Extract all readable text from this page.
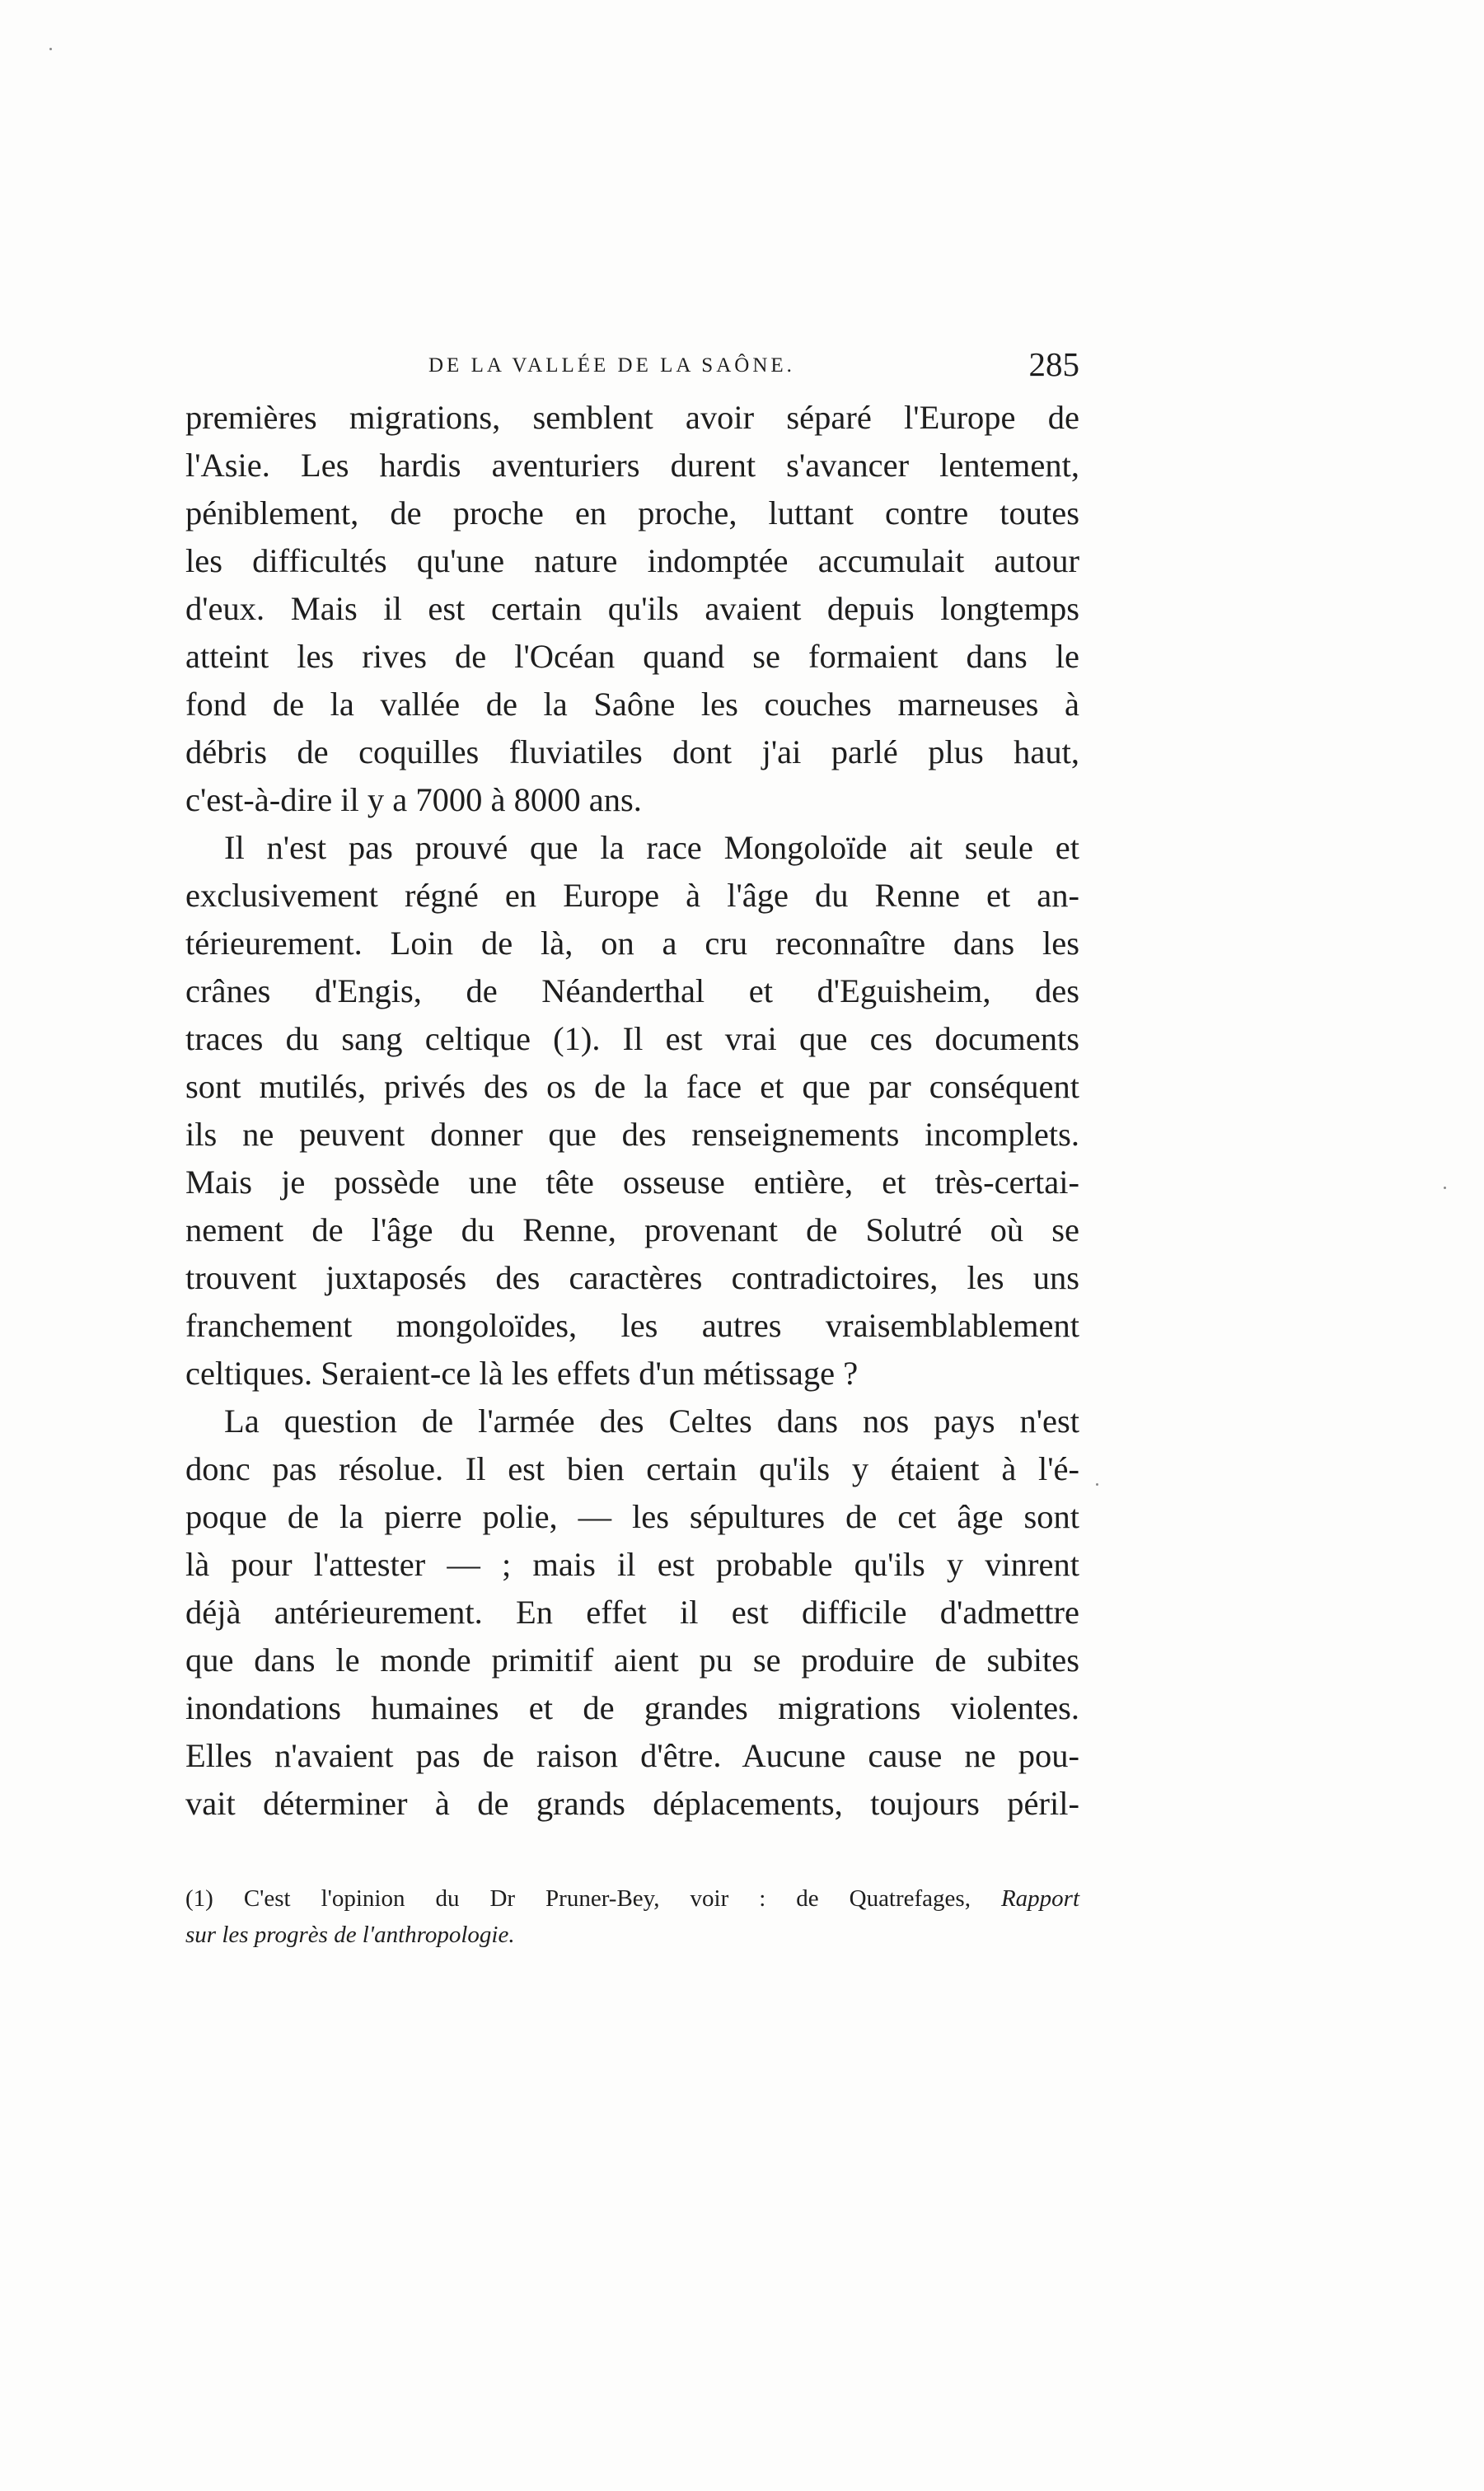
DE LA VALLÉE DE LA SAÔNE.	285

premières migrations, semblent avoir séparé l'Europe de

l'Asie. Les hardis aventuriers durent s'avancer lentement,

péniblement, de proche en proche, luttant contre toutes

les difficultés qu'une nature indomptée accumulait autour

d'eux. Mais il est certain qu'ils avaient depuis longtemps

atteint les rives de l'Océan quand se formaient dans le

fond de la vallée de la Saône les couches marneuses à

débris de coquilles fluviatiles dont j'ai parlé plus haut,

c'est-à-dire il y a 7000 à 8000 ans.

Il n'est pas prouvé que la race Mongoloïde ait seule et

exclusivement régné en Europe à l'âge du Renne et an-

térieurement. Loin de là, on a cru reconnaître dans les

crânes d'Engis, de Néanderthal et d'Eguisheim, des

traces du sang celtique (1). Il est vrai que ces documents

sont mutilés, privés des os de la face et que par conséquent

ils ne peuvent donner que des renseignements incomplets.

Mais je possède une tête osseuse entière, et très-certai-

nement de l'âge du Renne, provenant de Solutré où se

trouvent juxtaposés des caractères contradictoires, les uns

franchement mongoloïdes, les autres vraisemblablement

celtiques. Seraient-ce là les effets d'un métissage ?

La question de l'armée des Celtes dans nos pays n'est

donc pas résolue. Il est bien certain qu'ils y étaient à l'é-

poque de la pierre polie, — les sépultures de cet âge sont

là pour l'attester — ; mais il est probable qu'ils y vinrent

déjà antérieurement. En effet il est difficile d'admettre

que dans le monde primitif aient pu se produire de subites

inondations humaines et de grandes migrations violentes.

Elles n'avaient pas de raison d'être. Aucune cause ne pou-

vait déterminer à de grands déplacements, toujours péril-

(1) C'est l'opinion du Dr Pruner-Bey, voir : de Quatrefages, Rapport

sur les progrès de l'anthropologie.
